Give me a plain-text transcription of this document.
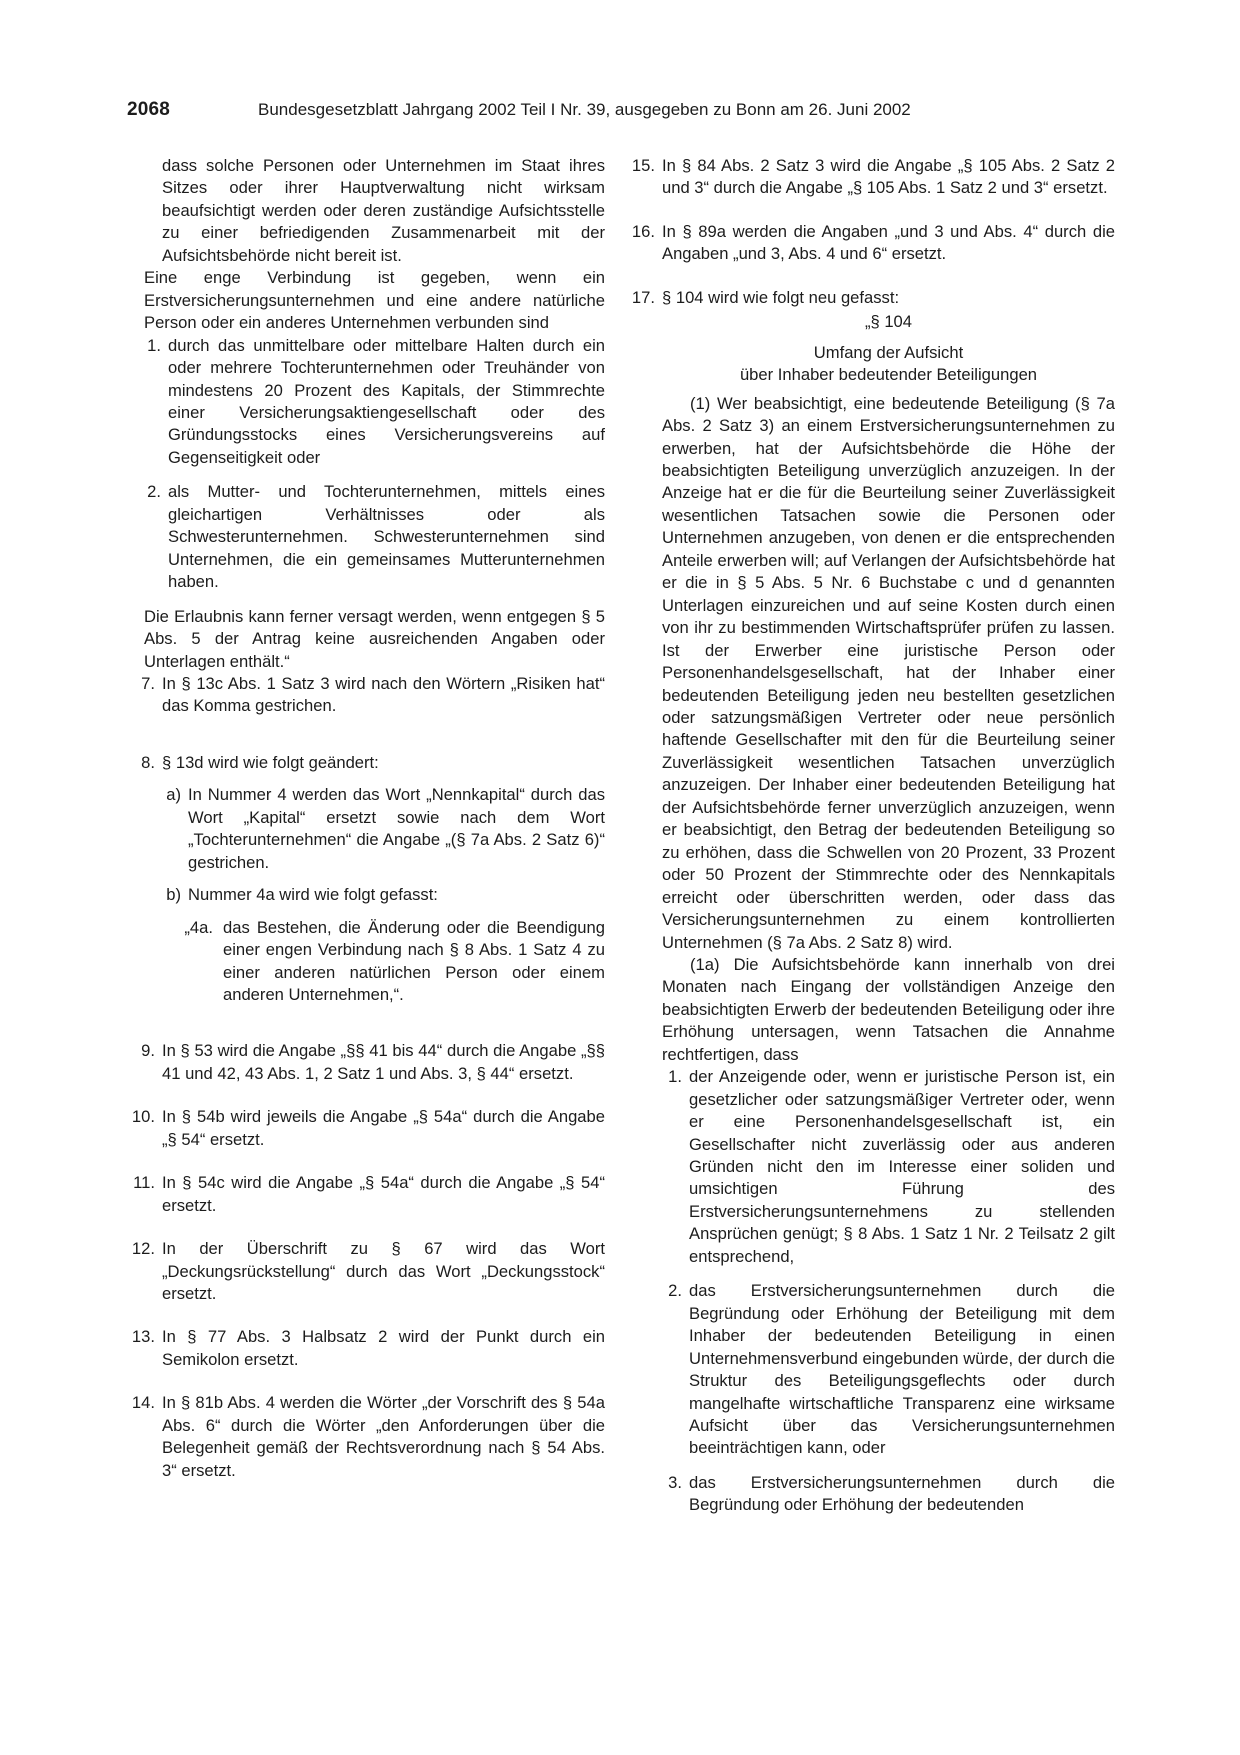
2068	Bundesgesetzblatt Jahrgang 2002 Teil I Nr. 39, ausgegeben zu Bonn am 26. Juni 2002

dass solche Personen oder Unternehmen im Staat ihres Sitzes oder ihrer Hauptverwaltung nicht wirksam beaufsichtigt werden oder deren zuständige Aufsichtsstelle zu einer befriedigenden Zusammenarbeit mit der Aufsichtsbehörde nicht bereit ist.

Eine enge Verbindung ist gegeben, wenn ein Erstversicherungsunternehmen und eine andere natürliche Person oder ein anderes Unternehmen verbunden sind

1. durch das unmittelbare oder mittelbare Halten durch ein oder mehrere Tochterunternehmen oder Treuhänder von mindestens 20 Prozent des Kapitals, der Stimmrechte einer Versicherungsaktiengesellschaft oder des Gründungsstocks eines Versicherungsvereins auf Gegenseitigkeit oder
2. als Mutter- und Tochterunternehmen, mittels eines gleichartigen Verhältnisses oder als Schwesterunternehmen. Schwesterunternehmen sind Unternehmen, die ein gemeinsames Mutterunternehmen haben.

Die Erlaubnis kann ferner versagt werden, wenn entgegen § 5 Abs. 5 der Antrag keine ausreichenden Angaben oder Unterlagen enthält.“

7. In § 13c Abs. 1 Satz 3 wird nach den Wörtern „Risiken hat“ das Komma gestrichen.
8. § 13d wird wie folgt geändert:
a) In Nummer 4 werden das Wort „Nennkapital“ durch das Wort „Kapital“ ersetzt sowie nach dem Wort „Tochterunternehmen“ die Angabe „(§ 7a Abs. 2 Satz 6)“ gestrichen.
b) Nummer 4a wird wie folgt gefasst:
„4a. das Bestehen, die Änderung oder die Beendigung einer engen Verbindung nach § 8 Abs. 1 Satz 4 zu einer anderen natürlichen Person oder einem anderen Unternehmen,“.
9. In § 53 wird die Angabe „§§ 41 bis 44“ durch die Angabe „§§ 41 und 42, 43 Abs. 1, 2 Satz 1 und Abs. 3, § 44“ ersetzt.
10. In § 54b wird jeweils die Angabe „§ 54a“ durch die Angabe „§ 54“ ersetzt.
11. In § 54c wird die Angabe „§ 54a“ durch die Angabe „§ 54“ ersetzt.
12. In der Überschrift zu § 67 wird das Wort „Deckungsrückstellung“ durch das Wort „Deckungsstock“ ersetzt.
13. In § 77 Abs. 3 Halbsatz 2 wird der Punkt durch ein Semikolon ersetzt.
14. In § 81b Abs. 4 werden die Wörter „der Vorschrift des § 54a Abs. 6“ durch die Wörter „den Anforderungen über die Belegenheit gemäß der Rechtsverordnung nach § 54 Abs. 3“ ersetzt.
15. In § 84 Abs. 2 Satz 3 wird die Angabe „§ 105 Abs. 2 Satz 2 und 3“ durch die Angabe „§ 105 Abs. 1 Satz 2 und 3“ ersetzt.
16. In § 89a werden die Angaben „und 3 und Abs. 4“ durch die Angaben „und 3, Abs. 4 und 6“ ersetzt.
17. § 104 wird wie folgt neu gefasst:

„§ 104

Umfang der Aufsicht

über Inhaber bedeutender Beteiligungen

(1) Wer beabsichtigt, eine bedeutende Beteiligung (§ 7a Abs. 2 Satz 3) an einem Erstversicherungsunternehmen zu erwerben, hat der Aufsichtsbehörde die Höhe der beabsichtigten Beteiligung unverzüglich anzuzeigen. In der Anzeige hat er die für die Beurteilung seiner Zuverlässigkeit wesentlichen Tatsachen sowie die Personen oder Unternehmen anzugeben, von denen er die entsprechenden Anteile erwerben will; auf Verlangen der Aufsichtsbehörde hat er die in § 5 Abs. 5 Nr. 6 Buchstabe c und d genannten Unterlagen einzureichen und auf seine Kosten durch einen von ihr zu bestimmenden Wirtschaftsprüfer prüfen zu lassen. Ist der Erwerber eine juristische Person oder Personenhandelsgesellschaft, hat der Inhaber einer bedeutenden Beteiligung jeden neu bestellten gesetzlichen oder satzungsmäßigen Vertreter oder neue persönlich haftende Gesellschafter mit den für die Beurteilung seiner Zuverlässigkeit wesentlichen Tatsachen unverzüglich anzuzeigen. Der Inhaber einer bedeutenden Beteiligung hat der Aufsichtsbehörde ferner unverzüglich anzuzeigen, wenn er beabsichtigt, den Betrag der bedeutenden Beteiligung so zu erhöhen, dass die Schwellen von 20 Prozent, 33 Prozent oder 50 Prozent der Stimmrechte oder des Nennkapitals erreicht oder überschritten werden, oder dass das Versicherungsunternehmen zu einem kontrollierten Unternehmen (§ 7a Abs. 2 Satz 8) wird.

(1a) Die Aufsichtsbehörde kann innerhalb von drei Monaten nach Eingang der vollständigen Anzeige den beabsichtigten Erwerb der bedeutenden Beteiligung oder ihre Erhöhung untersagen, wenn Tatsachen die Annahme rechtfertigen, dass

1. der Anzeigende oder, wenn er juristische Person ist, ein gesetzlicher oder satzungsmäßiger Vertreter oder, wenn er eine Personenhandelsgesellschaft ist, ein Gesellschafter nicht zuverlässig oder aus anderen Gründen nicht den im Interesse einer soliden und umsichtigen Führung des Erstversicherungsunternehmens zu stellenden Ansprüchen genügt; § 8 Abs. 1 Satz 1 Nr. 2 Teilsatz 2 gilt entsprechend,
2. das Erstversicherungsunternehmen durch die Begründung oder Erhöhung der Beteiligung mit dem Inhaber der bedeutenden Beteiligung in einen Unternehmensverbund eingebunden würde, der durch die Struktur des Beteiligungsgeflechts oder durch mangelhafte wirtschaftliche Transparenz eine wirksame Aufsicht über das Versicherungsunternehmen beeinträchtigen kann, oder
3. das Erstversicherungsunternehmen durch die Begründung oder Erhöhung der bedeutenden
